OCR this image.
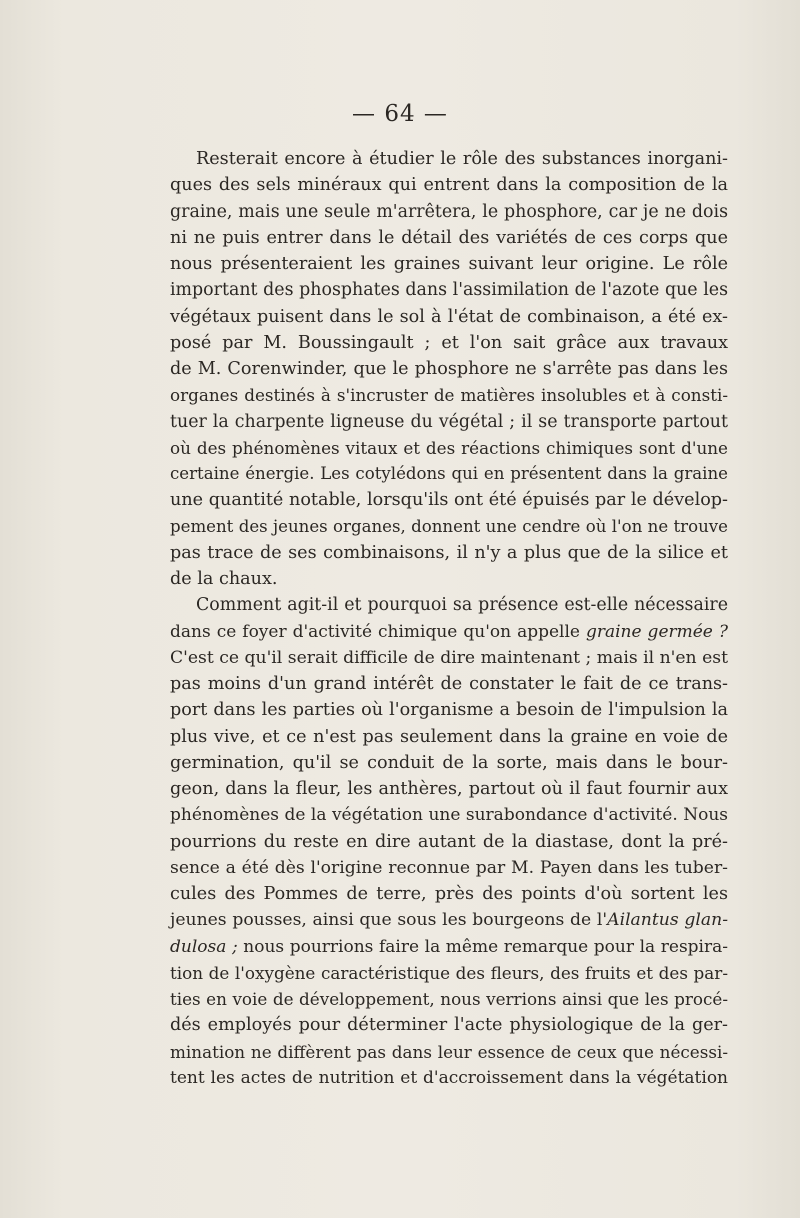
— 64 —
Resterait encore à étudier le rôle des substances inorgani-
ques des sels minéraux qui entrent dans la composition de la
graine, mais une seule m'arrêtera, le phosphore, car je ne dois
ni ne puis entrer dans le détail des variétés de ces corps que
nous présenteraient les graines suivant leur origine. Le rôle
important des phosphates dans l'assimilation de l'azote que les
végétaux puisent dans le sol à l'état de combinaison, a été ex-
posé par M. Boussingault ; et l'on sait grâce aux travaux
de M. Corenwinder, que le phosphore ne s'arrête pas dans les
organes destinés à s'incruster de matières insolubles et à consti-
tuer la charpente ligneuse du végétal ; il se transporte partout
où des phénomènes vitaux et des réactions chimiques sont d'une
certaine énergie. Les cotylédons qui en présentent dans la graine
une quantité notable, lorsqu'ils ont été épuisés par le dévelop-
pement des jeunes organes, donnent une cendre où l'on ne trouve
pas trace de ses combinaisons, il n'y a plus que de la silice et
de la chaux.
Comment agit-il et pourquoi sa présence est-elle nécessaire
dans ce foyer d'activité chimique qu'on appelle graine germée ?
C'est ce qu'il serait difficile de dire maintenant ; mais il n'en est
pas moins d'un grand intérêt de constater le fait de ce trans-
port dans les parties où l'organisme a besoin de l'impulsion la
plus vive, et ce n'est pas seulement dans la graine en voie de
germination, qu'il se conduit de la sorte, mais dans le bour-
geon, dans la fleur, les anthères, partout où il faut fournir aux
phénomènes de la végétation une surabondance d'activité. Nous
pourrions du reste en dire autant de la diastase, dont la pré-
sence a été dès l'origine reconnue par M. Payen dans les tuber-
cules des Pommes de terre, près des points d'où sortent les
jeunes pousses, ainsi que sous les bourgeons de l'Ailantus glan-
dulosa ; nous pourrions faire la même remarque pour la respira-
tion de l'oxygène caractéristique des fleurs, des fruits et des par-
ties en voie de développement, nous verrions ainsi que les procé-
dés employés pour déterminer l'acte physiologique de la ger-
mination ne diffèrent pas dans leur essence de ceux que nécessi-
tent les actes de nutrition et d'accroissement dans la végétation
